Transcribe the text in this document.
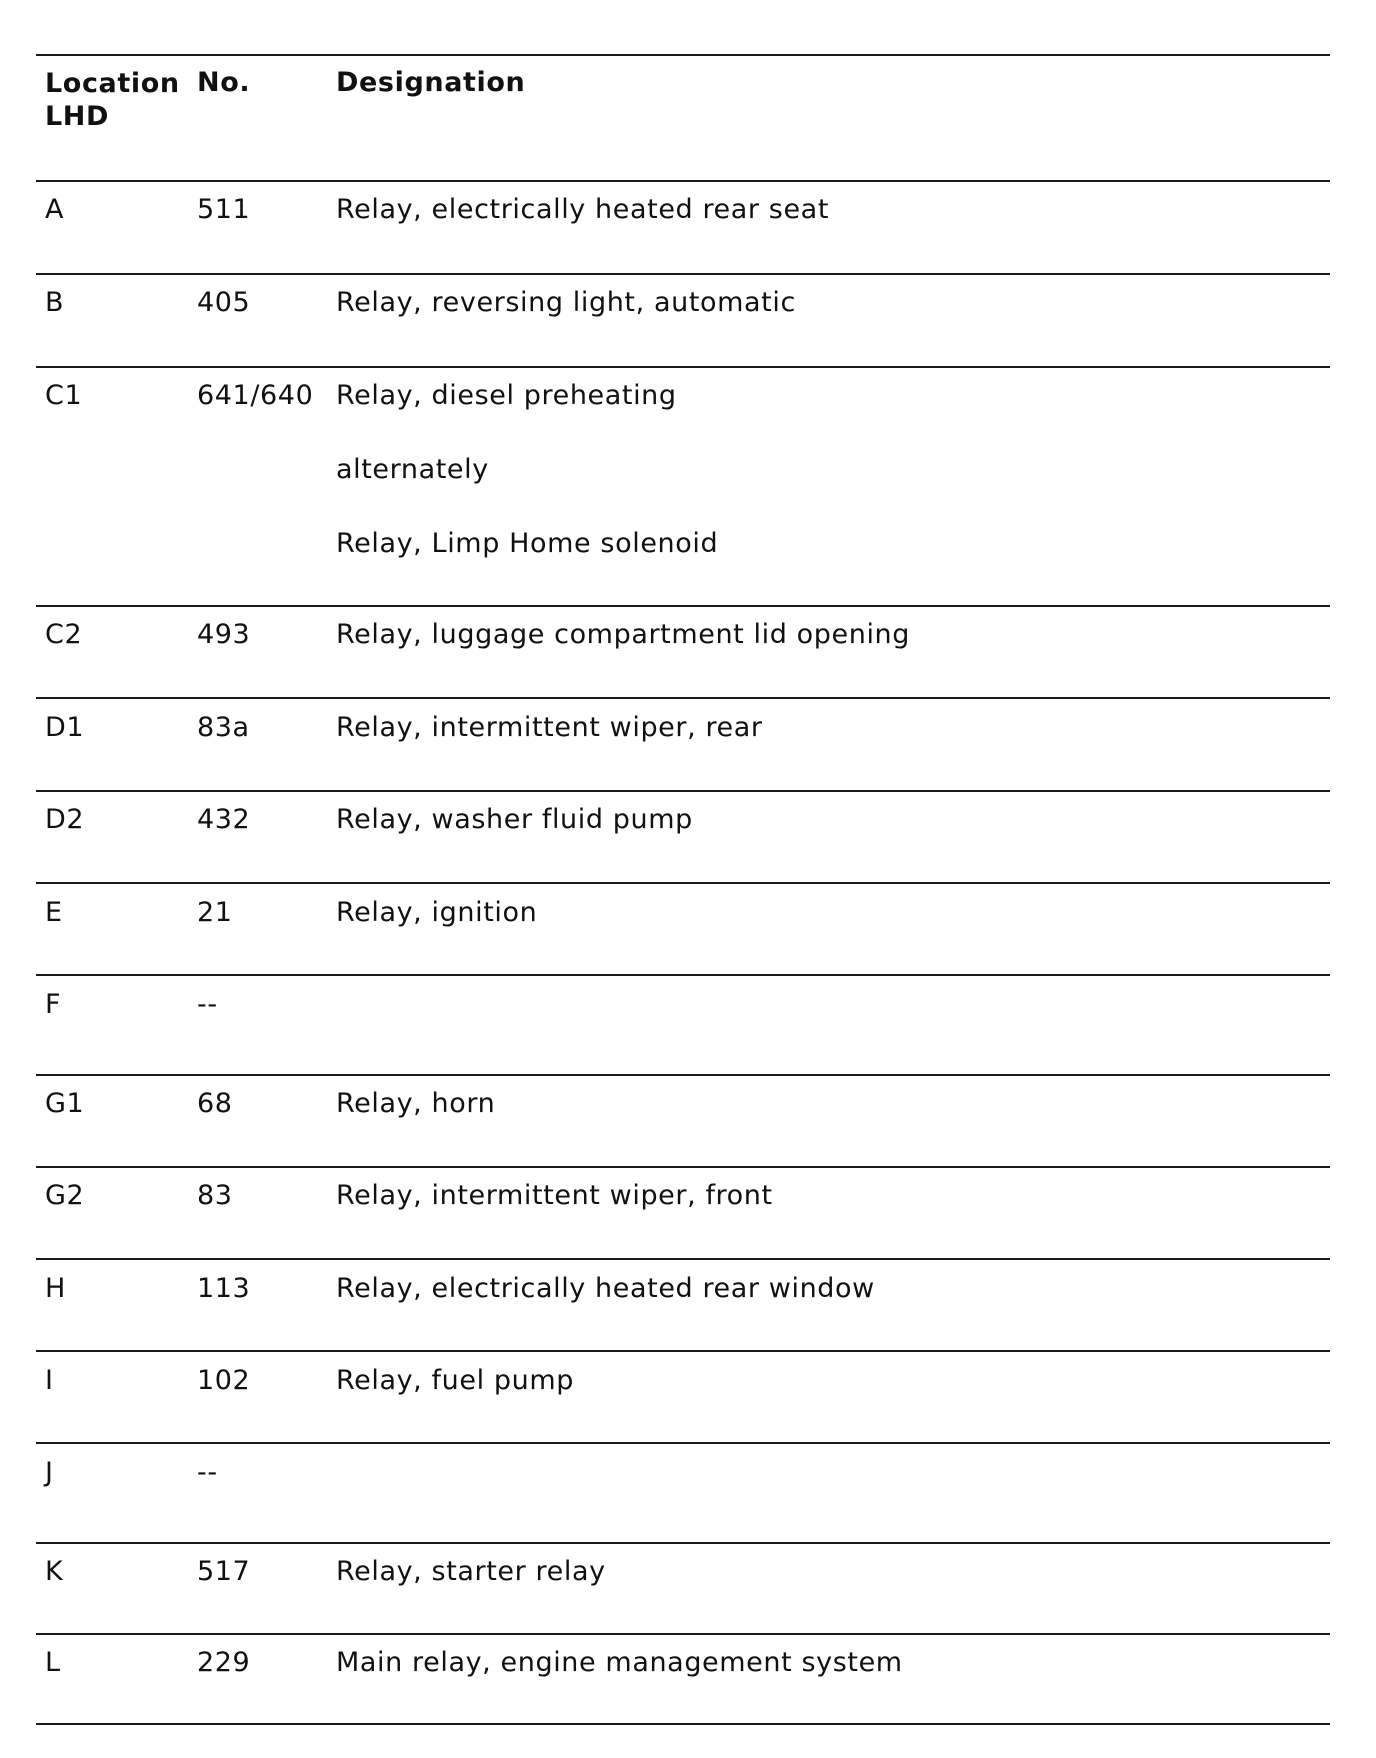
Location
LHD
No.	Designation
A	511	Relay, electrically heated rear seat
B	405	Relay, reversing light, automatic
C1	641/640 Relay, diesel preheating
alternately
Relay, Limp Home solenoid
C2	493	Relay, luggage compartment lid opening
D1	83a	Relay, intermittent wiper, rear
D2	432	Relay, washer fluid pump
E	21	Relay, ignition
F	--
G1	68	Relay, horn
G2	83	Relay, intermittent wiper, front
H	113	Relay, electrically heated rear window
I	102	Relay, fuel pump
J	--
K	517	Relay, starter relay
L	229	Main relay, engine management system
